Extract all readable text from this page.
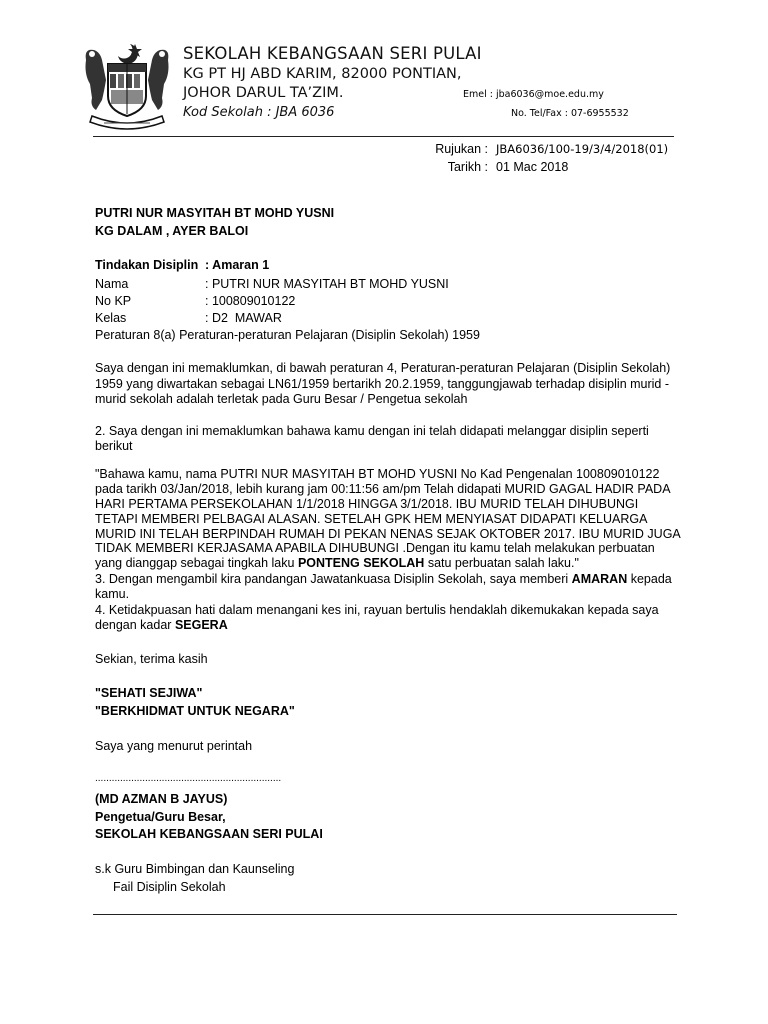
SEKOLAH KEBANGSAAN SERI PULAI
KG PT HJ ABD KARIM, 82000 PONTIAN,
JOHOR DARUL TA’ZIM.
Kod Sekolah : JBA 6036
Emel : jba6036@moe.edu.my
No. Tel/Fax : 07-6955532
Rujukan : JBA6036/100-19/3/4/2018(01)
Tarikh : 01 Mac 2018
PUTRI NUR MASYITAH BT MOHD YUSNI
KG DALAM , AYER BALOI
Tindakan Disiplin : Amaran 1
Nama	: PUTRI NUR MASYITAH BT MOHD YUSNI
No KP	: 100809010122
Kelas	: D2  MAWAR
Peraturan 8(a) Peraturan-peraturan Pelajaran (Disiplin Sekolah) 1959
Saya dengan ini memaklumkan, di bawah peraturan 4, Peraturan-peraturan Pelajaran (Disiplin Sekolah)
1959 yang diwartakan sebagai LN61/1959 bertarikh 20.2.1959, tanggungjawab terhadap disiplin murid -
murid sekolah adalah terletak pada Guru Besar / Pengetua sekolah
2. Saya dengan ini memaklumkan bahawa kamu dengan ini telah didapati melanggar disiplin seperti
berikut
"Bahawa kamu, nama PUTRI NUR MASYITAH BT MOHD YUSNI No Kad Pengenalan 100809010122
pada tarikh 03/Jan/2018, lebih kurang jam 00:11:56 am/pm Telah didapati MURID GAGAL HADIR PADA
HARI PERTAMA PERSEKOLAHAN 1/1/2018 HINGGA 3/1/2018. IBU MURID TELAH DIHUBUNGI
TETAPI MEMBERI PELBAGAI ALASAN. SETELAH GPK HEM MENYIASAT DIDAPATI KELUARGA
MURID INI TELAH BERPINDAH RUMAH DI PEKAN NENAS SEJAK OKTOBER 2017. IBU MURID JUGA
TIDAK MEMBERI KERJASAMA APABILA DIHUBUNGI .Dengan itu kamu telah melakukan perbuatan
yang dianggap sebagai tingkah laku PONTENG SEKOLAH satu perbuatan salah laku."
3. Dengan mengambil kira pandangan Jawatankuasa Disiplin Sekolah, saya memberi AMARAN kepada
kamu.
4. Ketidakpuasan hati dalam menangani kes ini, rayuan bertulis hendaklah dikemukakan kepada saya
dengan kadar SEGERA
Sekian, terima kasih
"SEHATI SEJIWA"
"BERKHIDMAT UNTUK NEGARA"
Saya yang menurut perintah
...................................................................
(MD AZMAN B JAYUS)
Pengetua/Guru Besar,
SEKOLAH KEBANGSAAN SERI PULAI
s.k Guru Bimbingan dan Kaunseling
Fail Disiplin Sekolah
